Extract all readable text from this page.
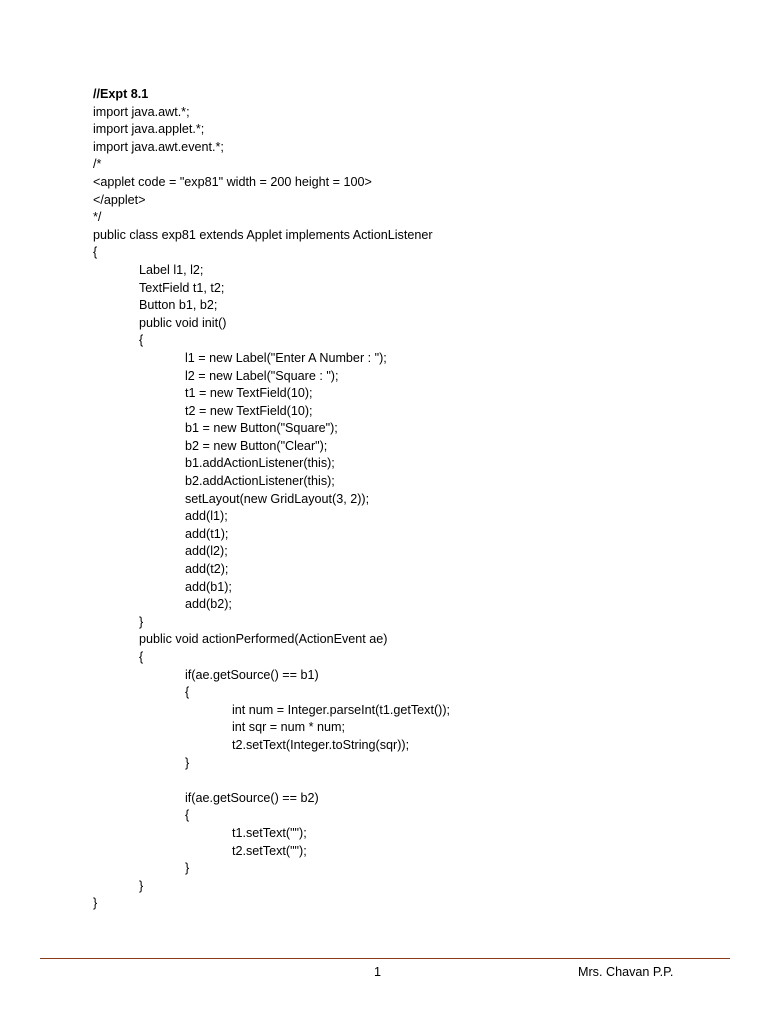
//Expt 8.1
import java.awt.*;
import java.applet.*;
import java.awt.event.*;
/*
<applet code = "exp81" width = 200 height = 100>
</applet>
*/
public class exp81 extends Applet implements ActionListener
{
Label l1, l2;
TextField t1, t2;
Button b1, b2;
public void init()
{
l1 = new Label("Enter A Number : ");
l2 = new Label("Square : ");
t1 = new TextField(10);
t2 = new TextField(10);
b1 = new Button("Square");
b2 = new Button("Clear");
b1.addActionListener(this);
b2.addActionListener(this);
setLayout(new GridLayout(3, 2));
add(l1);
add(t1);
add(l2);
add(t2);
add(b1);
add(b2);
}
public void actionPerformed(ActionEvent ae)
{
if(ae.getSource() == b1)
{
int num = Integer.parseInt(t1.getText());
int sqr = num * num;
t2.setText(Integer.toString(sqr));
}
if(ae.getSource() == b2)
{
t1.setText("");
t2.setText("");
}
}
}
1	Mrs. Chavan P.P.
